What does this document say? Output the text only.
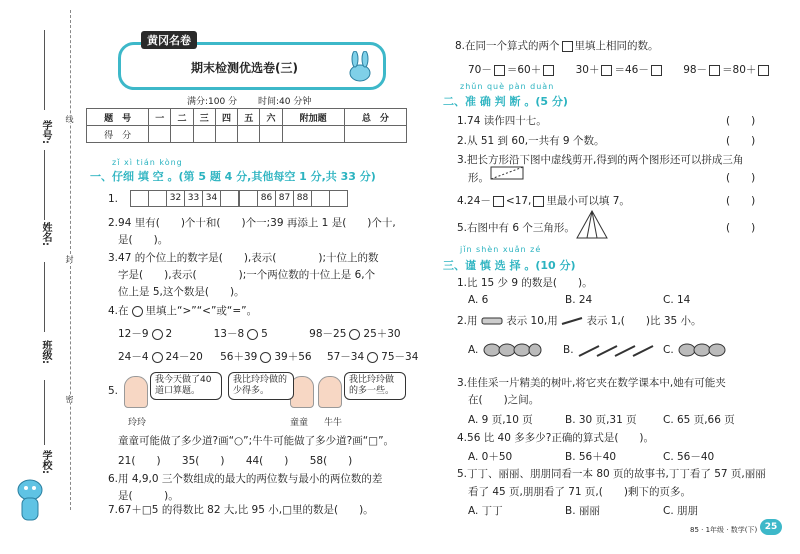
学号:
姓名:
班级:
学校:
线
封
密
黄冈名卷
期末检测优选卷(三)
满分:100 分 时间:40 分钟
题　号	一	二	三	四	五	六	附加题	总　分
得　分								
zǐ xì tián kòng
一、仔细 填 空 。(第 5 题 4 分,其他每空 1 分,共 33 分)
1.	32 33 34	86 87 88
2.94 里有(　　)个十和(　　)个一;39 再添上 1 是(　　)个十,
是(　　)。
3.47 的个位上的数字是(　　),表示(　　　　);十位上的数
字是(　　),表示(　　　　);一个两位数的十位上是 6,个
位上是 5,这个数是(　　)。
4.在 里填上“>”“<”或“=”。
12－9 2	13－8 5	98－25 25＋30
24－4 24－20 56＋39 39＋56 57－34 75－34
5.
我今天做了40道口算题。
我比玲玲做的少得多。
我比玲玲做的多一些。
玲玲	童童 牛牛
童童可能做了多少道?画“○”;牛牛可能做了多少道?画“□”。
21(　　) 35(　　) 44(　　) 58(　　)
6.用 4,9,0 三个数组成的最大的两位数与最小的两位数的差
是(　　　)。
7.67＋□5 的得数比 82 大,比 95 小,□里的数是(　　)。
8.在同一个算式的两个 里填上相同的数。
70－ ＝60＋	30＋ ＝46－	98－ ＝80＋
zhǔn què pàn duàn
二、准 确 判 断 。(5 分)
1.74 读作四十七。	(　　)
2.从 51 到 60,一共有 9 个数。	(　　)
3.把长方形沿下图中虚线剪开,得到的两个图形还可以拼成三角
形。	(　　)
4.24－ <17, 里最小可以填 7。	(　　)
5.右图中有 6 个三角形。	(　　)
jǐn shèn xuǎn zé
三、谨 慎 选 择 。(10 分)
1.比 15 少 9 的数是(　　)。
A. 6	B. 24	C. 14
2.用	表示 10,用	表示 1,(　　)比 35 小。
A.	B.	C.
3.佳佳采一片精美的树叶,将它夹在数学课本中,她有可能夹
在(　　)之间。
A. 9 页,10 页	B. 30 页,31 页	C. 65 页,66 页
4.56 比 40 多多少?正确的算式是(　　)。
A. 0＋50	B. 56＋40	C. 56－40
5.丁丁、丽丽、朋朋同看一本 80 页的故事书,丁丁看了 57 页,丽丽
看了 45 页,朋朋看了 71 页,(　　)剩下的页多。
A. 丁丁	B. 丽丽	C. 朋朋
85 · 1年级 · 数学(下) 25
